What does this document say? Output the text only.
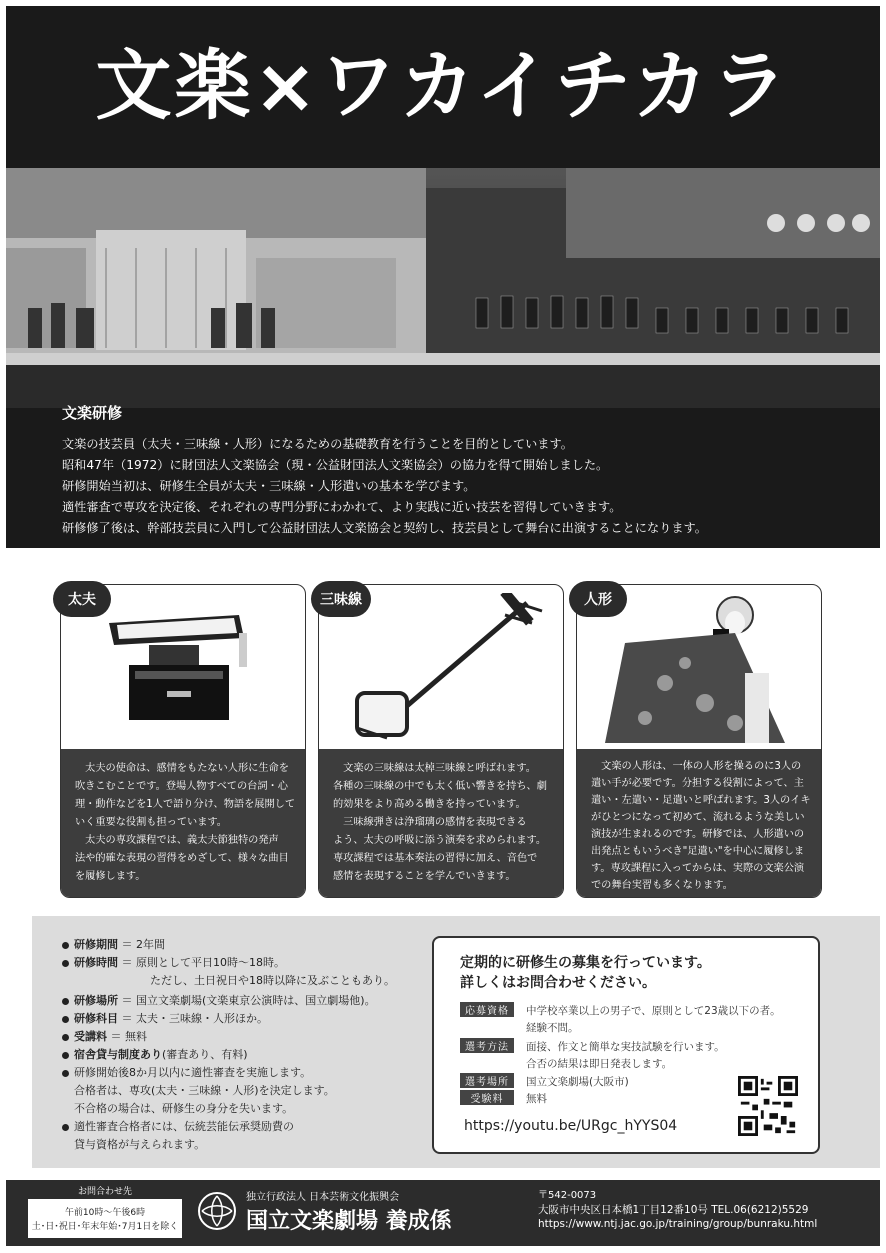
文楽×ワカイチカラ
文楽研修
文楽の技芸員（太夫・三味線・人形）になるための基礎教育を行うことを目的としています。
昭和47年（1972）に財団法人文楽協会（現・公益財団法人文楽協会）の協力を得て開始しました。
研修開始当初は、研修生全員が太夫・三味線・人形遣いの基本を学びます。
適性審査で専攻を決定後、それぞれの専門分野にわかれて、より実践に近い技芸を習得していきます。
研修修了後は、幹部技芸員に入門して公益財団法人文楽協会と契約し、技芸員として舞台に出演することになります。
太夫
　太夫の使命は、感情をもたない人形に生命を
吹きこむことです。登場人物すべての台詞・心
理・動作などを1人で語り分け、物語を展開して
いく重要な役割も担っています。
　太夫の専攻課程では、義太夫節独特の発声
法や的確な表現の習得をめざして、様々な曲目
を履修します。
三味線
　文楽の三味線は太棹三味線と呼ばれます。
各種の三味線の中でも太く低い響きを持ち、劇
的効果をより高める働きを持っています。
　三味線弾きは浄瑠璃の感情を表現できる
よう、太夫の呼吸に添う演奏を求められます。
専攻課程では基本奏法の習得に加え、音色で
感情を表現することを学んでいきます。
人形
　文楽の人形は、一体の人形を操るのに3人の
遣い手が必要です。分担する役割によって、主
遣い・左遣い・足遣いと呼ばれます。3人のイキ
がひとつになって初めて、流れるような美しい
演技が生まれるのです。研修では、人形遣いの
出発点ともいうべき"足遣い"を中心に履修しま
す。専攻課程に入ってからは、実際の文楽公演
での舞台実習も多くなります。
研修期間 ＝ 2年間
研修時間 ＝ 原則として平日10時～18時。
ただし、土日祝日や18時以降に及ぶこともあり。
研修場所 ＝ 国立文楽劇場(文楽東京公演時は、国立劇場他)。
研修科目 ＝ 太夫・三味線・人形ほか。
受講料 ＝ 無料
宿舎貸与制度あり(審査あり、有料)
研修開始後8か月以内に適性審査を実施します。
合格者は、専攻(太夫・三味線・人形)を決定します。
不合格の場合は、研修生の身分を失います。
適性審査合格者には、伝統芸能伝承奨励費の
貸与資格が与えられます。
定期的に研修生の募集を行っています。
詳しくはお問合わせください。
応募資格	中学校卒業以上の男子で、原則として23歳以下の者。
経験不問。
選考方法	面接、作文と簡単な実技試験を行います。
合否の結果は即日発表します。
選考場所	国立文楽劇場(大阪市)
受験料	無料
https://youtu.be/URgc_hYYS04
お問合わせ先
午前10時～午後6時
土･日･祝日･年末年始･7月1日を除く
独立行政法人 日本芸術文化振興会
国立文楽劇場 養成係
〒542-0073
大阪市中央区日本橋1丁目12番10号 TEL.06(6212)5529
https://www.ntj.jac.go.jp/training/group/bunraku.html
